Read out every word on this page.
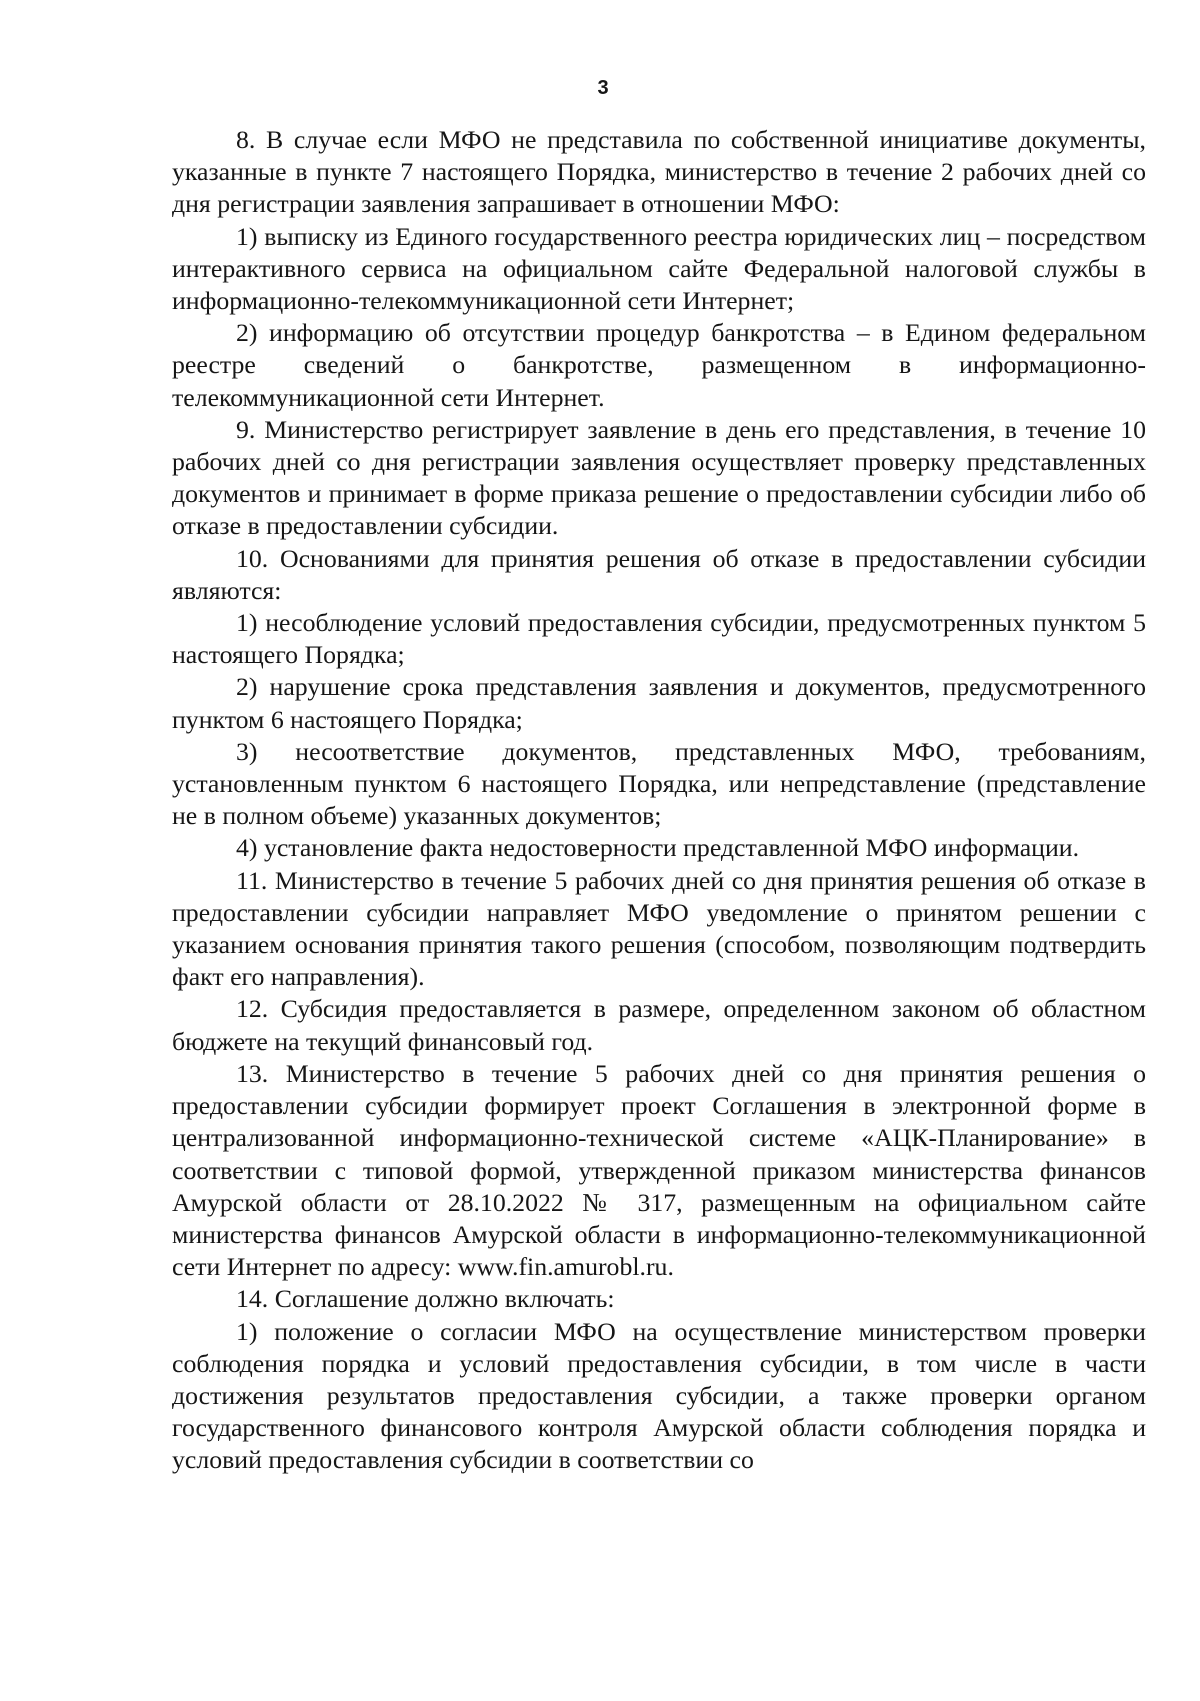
3

8. В случае если МФО не представила по собственной инициативе документы, указанные в пункте 7 настоящего Порядка, министерство в течение 2 рабочих дней со дня регистрации заявления запрашивает в отношении МФО:

1) выписку из Единого государственного реестра юридических лиц – посредством интерактивного сервиса на официальном сайте Федеральной налоговой службы в информационно-телекоммуникационной сети Интернет;

2) информацию об отсутствии процедур банкротства – в Едином федеральном реестре сведений о банкротстве, размещенном в информационно-телекоммуникационной сети Интернет.

9. Министерство регистрирует заявление в день его представления, в течение 10 рабочих дней со дня регистрации заявления осуществляет проверку представленных документов и принимает в форме приказа решение о предоставлении субсидии либо об отказе в предоставлении субсидии.

10. Основаниями для принятия решения об отказе в предоставлении субсидии являются:

1) несоблюдение условий предоставления субсидии, предусмотренных пунктом 5 настоящего Порядка;

2) нарушение срока представления заявления и документов, предусмотренного пунктом 6 настоящего Порядка;

3) несоответствие документов, представленных МФО, требованиям, установленным пунктом 6 настоящего Порядка, или непредставление (представление не в полном объеме) указанных документов;

4) установление факта недостоверности представленной МФО информации.

11. Министерство в течение 5 рабочих дней со дня принятия решения об отказе в предоставлении субсидии направляет МФО уведомление о принятом решении с указанием основания принятия такого решения (способом, позволяющим подтвердить факт его направления).

12. Субсидия предоставляется в размере, определенном законом об областном бюджете на текущий финансовый год.

13. Министерство в течение 5 рабочих дней со дня принятия решения о предоставлении субсидии формирует проект Соглашения в электронной форме в централизованной информационно-технической системе «АЦК-Планирование» в соответствии с типовой формой, утвержденной приказом министерства финансов Амурской области от 28.10.2022 № 317, размещенным на официальном сайте министерства финансов Амурской области в информационно-телекоммуникационной сети Интернет по адресу: www.fin.amurobl.ru.

14. Соглашение должно включать:

1) положение о согласии МФО на осуществление министерством проверки соблюдения порядка и условий предоставления субсидии, в том числе в части достижения результатов предоставления субсидии, а также проверки органом государственного финансового контроля Амурской области соблюдения порядка и условий предоставления субсидии в соответствии со
